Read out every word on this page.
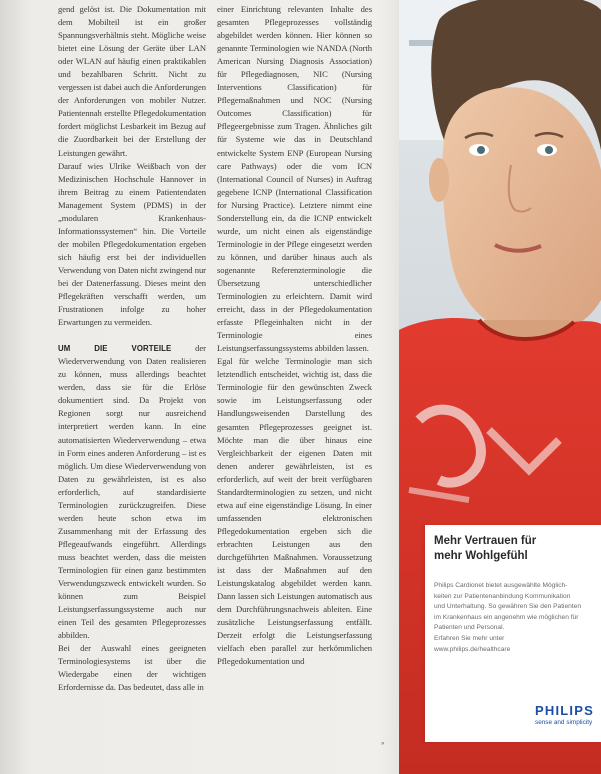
gend gelöst ist. Die Dokumentation mit dem Mobilteil ist ein großer Spannungsverhältnis steht. Mögliche weise bietet eine Lösung der Geräte über LAN oder WLAN auf häufig einen praktikablen und bezahlbaren Schritt. Nicht zu vergessen ist dabei auch die Anforderungen der Anforderungen von mobiler Nutzer. Patientennah erstellte Pflegedokumentation fordert möglichst Lesbarkeit im Bezug auf die Zuordbarkeit bei der Erstellung der Leistungen gewährt.

Darauf wies Ulrike Weißbach von der Medizinischen Hochschule Hannover in ihrem Beitrag zu einem Patientendaten Management System (PDMS) in der „modularen Krankenhaus-Informationssystemen“ hin. Die Vorteile der mobilen Pflegedokumentation ergeben sich häufig erst bei der individuellen Verwendung von Daten nicht zwingend nur bei der Datenerfassung. Dieses meint den Pflegekräften verschafft werden, um Frustrationen infolge zu hoher Erwartungen zu vermeiden.

UM DIE VORTEILE	der Wiederverwendung von Daten realisieren zu können, muss allerdings beachtet werden, dass sie für die Erlöse dokumentiert sind. Da Projekt von Regionen sorgt nur ausreichend interpretiert werden kann. In eine automatisierten Wiederverwendung – etwa in Form eines anderen Anforderung – ist es möglich. Um diese Wiederverwendung von Daten zu gewährleisten, ist es also erforderlich, auf standardisierte Terminologien zurückzugreifen. Diese werden heute schon etwa im Zusammenhang mit der Erfassung des Pflegeaufwands eingeführt. Allerdings muss beachtet werden, dass die meisten Terminologien für einen ganz bestimmten Verwendungszweck entwickelt wurden. So können zum Beispiel Leistungserfassungssysteme auch nur einen Teil des gesamten Pflegeprozesses abbilden.

Bei der Auswahl eines geeigneten Terminologiesystems ist über die Wiedergabe einen der wichtigen Erfordernisse da. Das bedeutet, dass alle in

einer Einrichtung relevanten Inhalte des gesamten Pflegeprozesses vollständig abgebildet werden können. Hier können so genannte Terminologien wie NANDA (North American Nursing Diagnosis Association) für Pflegediagnosen, NIC (Nursing Interventions Classification) für Pflegemaßnahmen und NOC (Nursing Outcomes Classification) für Pflegeergebnisse zum Tragen. Ähnliches gilt für Systeme wie das in Deutschland entwickelte System ENP (European Nursing care Pathways) oder die vom ICN (International Council of Nurses) in Auftrag gegebene ICNP (International Classification for Nursing Practice). Letztere nimmt eine Sonderstellung ein, da die ICNP entwickelt wurde, um nicht einen als eigenständige Terminologie in der Pflege eingesetzt werden zu können, und darüber hinaus auch als sogenannte Referenzterminologie die Übersetzung unterschiedlicher Terminologien zu erleichtern. Damit wird erreicht, dass in der Pflegedokumentation erfasste Pflegeinhalten nicht in der Terminologie eines Leistungserfassungssystems abbilden lassen.

Egal für welche Terminologie man sich letztendlich entscheidet, wichtig ist, dass die Terminologie für den gewünschten Zweck sowie im Leistungserfassung oder Handlungsweisenden Darstellung des gesamten Pflegeprozesses geeignet ist. Möchte man die über hinaus eine Vergleichbarkeit der eigenen Daten mit denen anderer gewährleisten, ist es erforderlich, auf weit der breit verfügbaren Standardterminologien zu setzen, und nicht etwa auf eine eigenständige Lösung. In einer umfassenden elektronischen Pflegedokumentation ergeben sich die erbrachten Leistungen aus den durchgeführten Maßnahmen. Voraussetzung ist dass der Maßnahmen auf den Leistungskatalog abgebildet werden kann. Dann lassen sich Leistungen automatisch aus dem Durchführungsnachweis ableiten. Eine zusätzliche Leistungserfassung entfällt. Derzeit erfolgt die Leistungserfassung vielfach eben parallel zur herkömmlichen Pflegedokumentation und

»
Mehr Vertrauen für
mehr Wohlgefühl

Philips Cardionet bietet ausgewählte Möglich-

keiten zur Patientenanbindung Kommunikation

und Unterhaltung. So gewähren Sie den Patienten

im Krankenhaus ein angenehm wie möglichen für

Patienten und Personal.

Erfahren Sie mehr unter

www.philips.de/healthcare

PHILIPS
sense and simplicity
